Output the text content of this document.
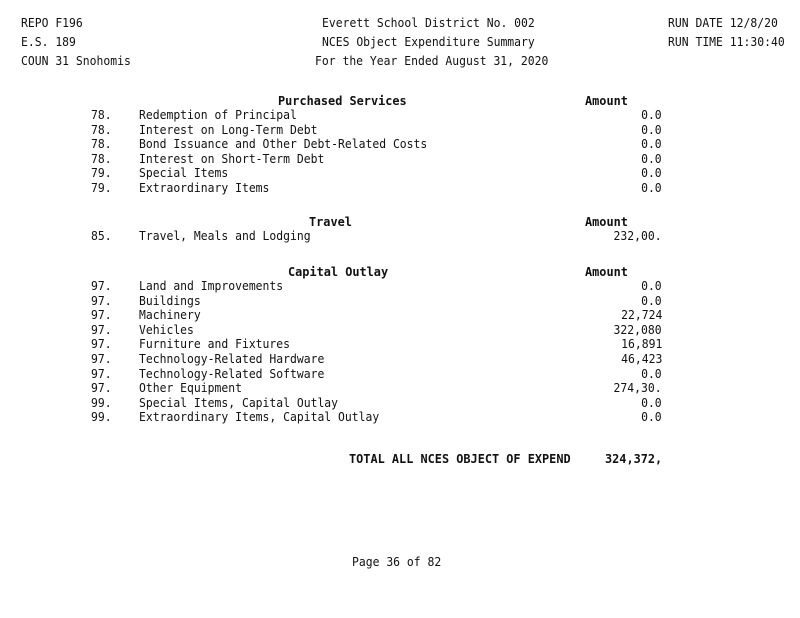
REPO F196
E.S. 189
COUN 31 Snohomis
Everett School District No. 002
NCES Object Expenditure Summary
For the Year Ended August 31, 2020
RUN DATE 12/8/20
RUN TIME 11:30:40
Purchased Services	Amount
78. Redemption of Principal	0.0
78. Interest on Long-Term Debt	0.0
78. Bond Issuance and Other Debt-Related Costs	0.0
78. Interest on Short-Term Debt	0.0
79. Special Items	0.0
79. Extraordinary Items	0.0
Travel	Amount
85. Travel, Meals and Lodging	232,00.
Capital Outlay	Amount
97. Land and Improvements	0.0
97. Buildings	0.0
97. Machinery	22,724
97. Vehicles	322,080
97. Furniture and Fixtures	16,891
97. Technology-Related Hardware	46,423
97. Technology-Related Software	0.0
97. Other Equipment	274,30.
99. Special Items, Capital Outlay	0.0
99. Extraordinary Items, Capital Outlay	0.0
TOTAL ALL NCES OBJECT OF EXPEND	324,372,
Page 36 of 82
